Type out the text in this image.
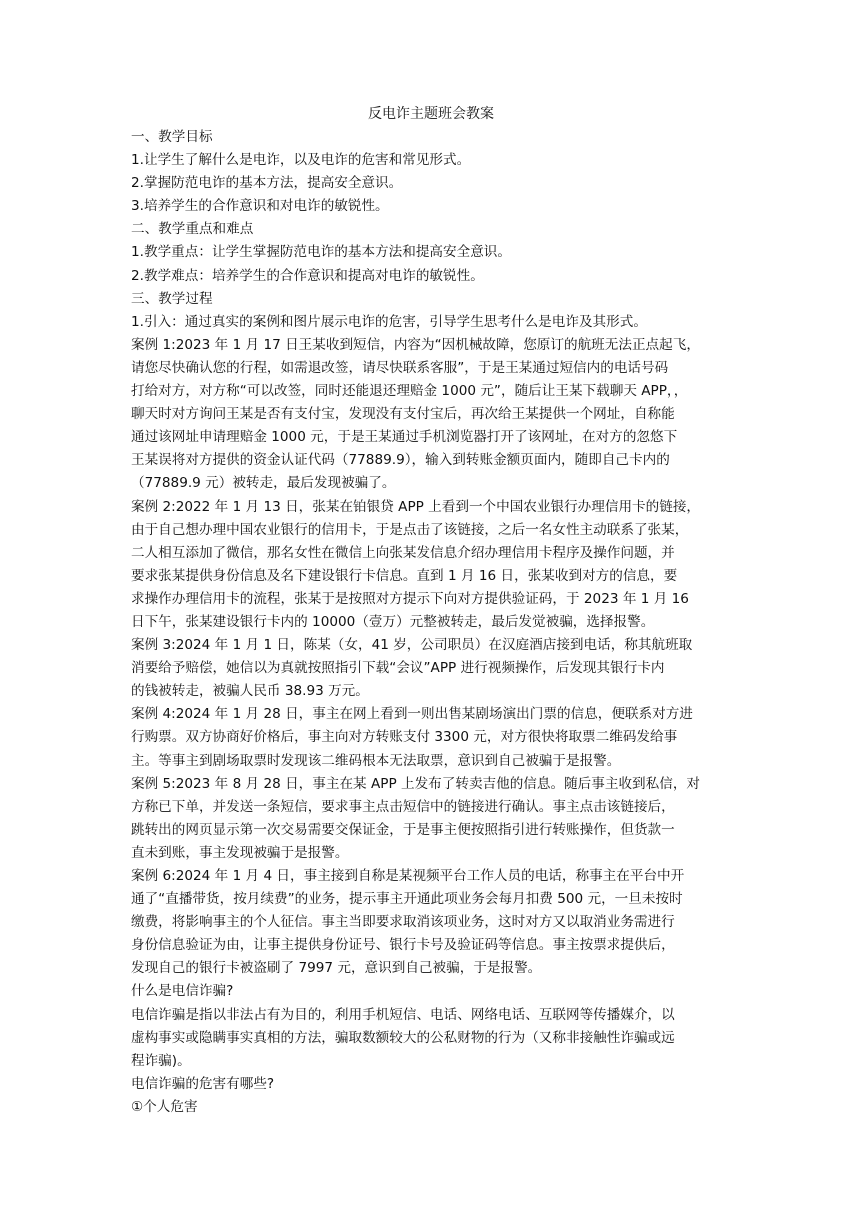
反电诈主题班会教案

一、教学目标

1.让学生了解什么是电诈，以及电诈的危害和常见形式。

2.掌握防范电诈的基本方法，提高安全意识。

3.培养学生的合作意识和对电诈的敏锐性。

二、教学重点和难点

1.教学重点：让学生掌握防范电诈的基本方法和提高安全意识。

2.教学难点：培养学生的合作意识和提高对电诈的敏锐性。

三、教学过程

1.引入：通过真实的案例和图片展示电诈的危害，引导学生思考什么是电诈及其形式。

案例 1:2023 年 1 月 17 日王某收到短信，内容为“因机械故障，您原订的航班无法正点起飞，

请您尽快确认您的行程，如需退改签，请尽快联系客服”，于是王某通过短信内的电话号码

打给对方，对方称“可以改签，同时还能退还理赔金 1000 元”，随后让王某下载聊天 APP，，

聊天时对方询问王某是否有支付宝，发现没有支付宝后，再次给王某提供一个网址，自称能

通过该网址申请理赔金 1000 元，于是王某通过手机浏览器打开了该网址，在对方的忽悠下

王某误将对方提供的资金认证代码（77889.9），输入到转账金额页面内，随即自己卡内的

（77889.9 元）被转走，最后发现被骗了。

案例 2:2022 年 1 月 13 日，张某在铂银贷 APP 上看到一个中国农业银行办理信用卡的链接，

由于自己想办理中国农业银行的信用卡，于是点击了该链接，之后一名女性主动联系了张某，

二人相互添加了微信，那名女性在微信上向张某发信息介绍办理信用卡程序及操作问题，并

要求张某提供身份信息及名下建设银行卡信息。直到 1 月 16 日，张某收到对方的信息，要

求操作办理信用卡的流程，张某于是按照对方提示下向对方提供验证码，于 2023 年 1 月 16

日下午，张某建设银行卡内的 10000（壹万）元整被转走，最后发觉被骗，选择报警。

案例 3:2024 年 1 月 1 日，陈某（女，41 岁，公司职员）在汉庭酒店接到电话，称其航班取

消要给予赔偿，她信以为真就按照指引下载“会议”APP 进行视频操作，后发现其银行卡内

的钱被转走，被骗人民币 38.93 万元。

案例 4:2024 年 1 月 28 日，事主在网上看到一则出售某剧场演出门票的信息，便联系对方进

行购票。双方协商好价格后，事主向对方转账支付 3300 元，对方很快将取票二维码发给事

主。等事主到剧场取票时发现该二维码根本无法取票，意识到自己被骗于是报警。

案例 5:2023 年 8 月 28 日，事主在某 APP 上发布了转卖吉他的信息。随后事主收到私信，对

方称已下单，并发送一条短信，要求事主点击短信中的链接进行确认。事主点击该链接后，

跳转出的网页显示第一次交易需要交保证金，于是事主便按照指引进行转账操作，但货款一

直未到账，事主发现被骗于是报警。

案例 6:2024 年 1 月 4 日，事主接到自称是某视频平台工作人员的电话，称事主在平台中开

通了“直播带货，按月续费”的业务，提示事主开通此项业务会每月扣费 500 元，一旦未按时

缴费，将影响事主的个人征信。事主当即要求取消该项业务，这时对方又以取消业务需进行

身份信息验证为由，让事主提供身份证号、银行卡号及验证码等信息。事主按票求提供后，

发现自己的银行卡被盗刷了 7997 元，意识到自己被骗，于是报警。

什么是电信诈骗?

电信诈骗是指以非法占有为目的，利用手机短信、电话、网络电话、互联网等传播媒介，以

虚构事实或隐瞒事实真相的方法，骗取数额较大的公私财物的行为（又称非接触性诈骗或远

程诈骗)。

电信诈骗的危害有哪些?

①个人危害
